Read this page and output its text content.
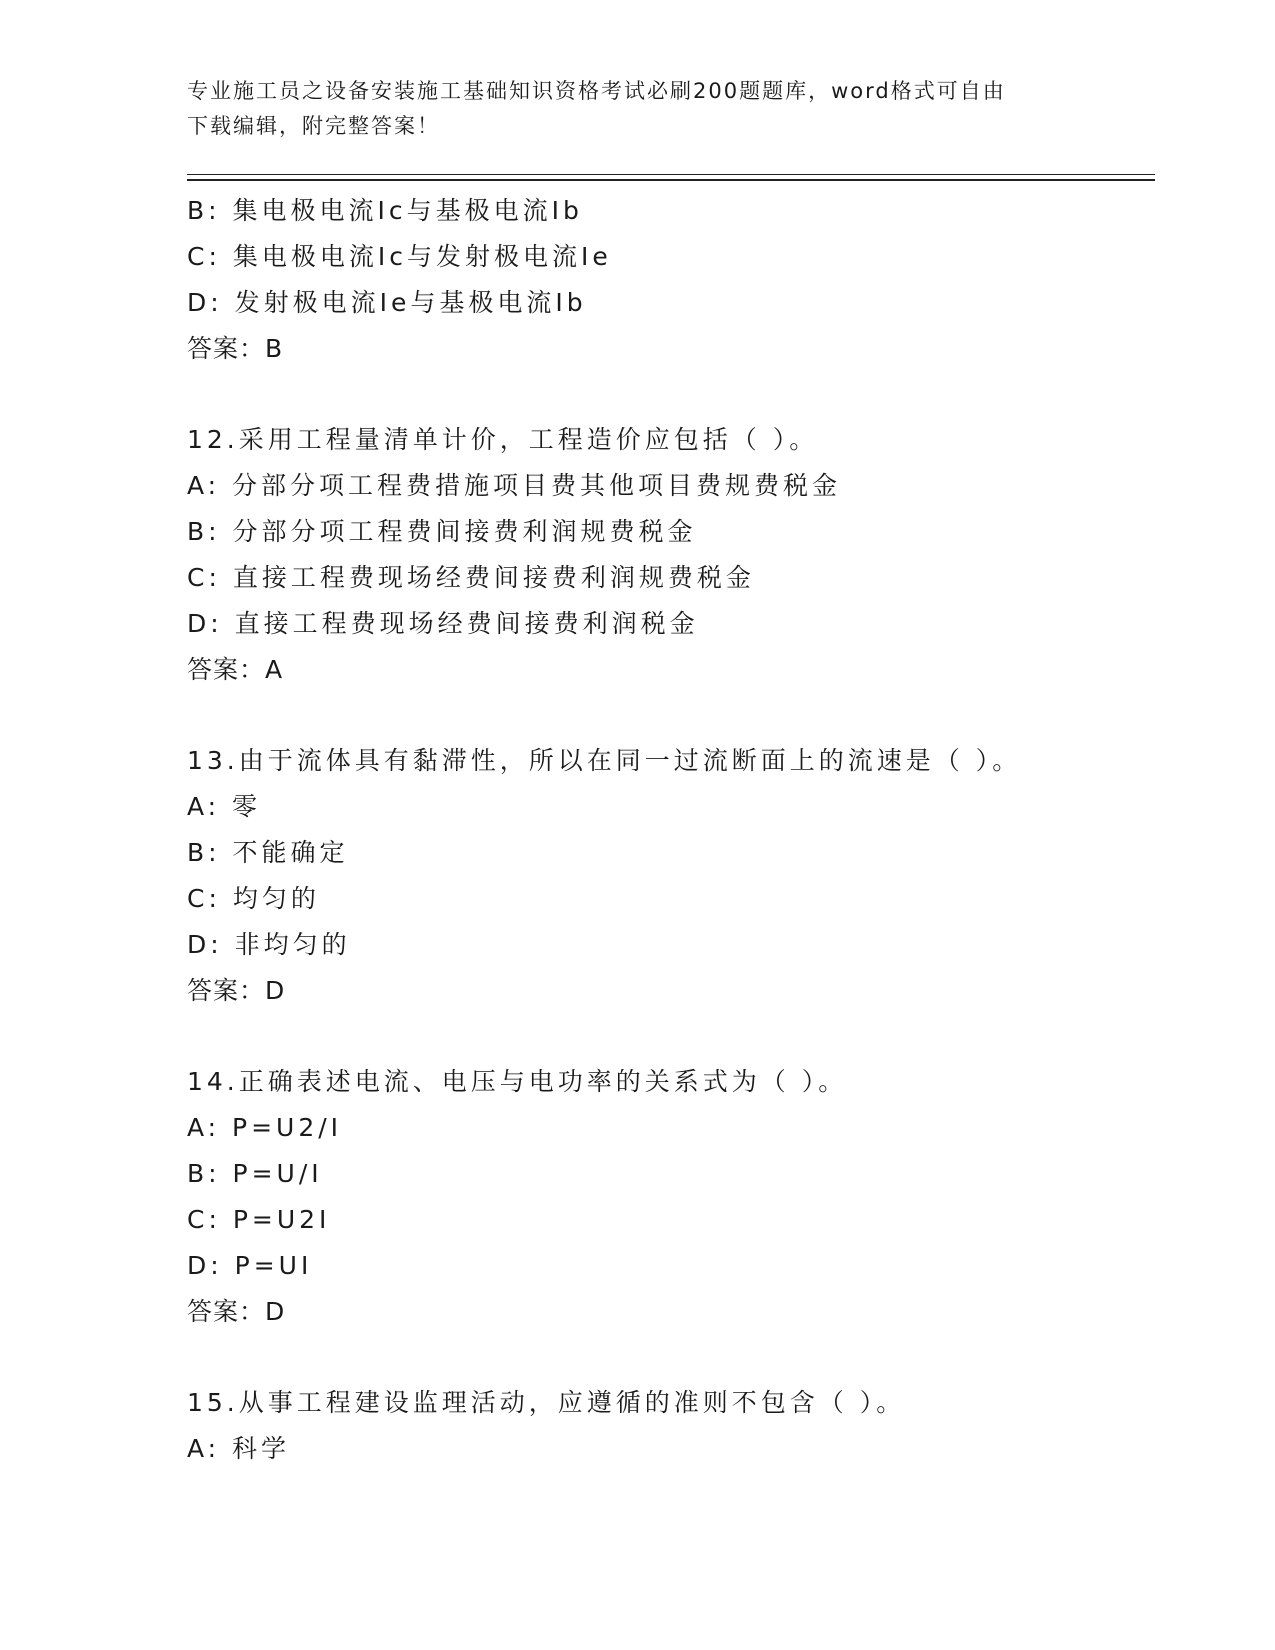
专业施工员之设备安装施工基础知识资格考试必刷200题题库，word格式可自由
下载编辑，附完整答案！
B: 集电极电流Ic与基极电流Ib
C: 集电极电流Ic与发射极电流Ie
D: 发射极电流Ie与基极电流Ib
答案：B
12.采用工程量清单计价，工程造价应包括（ ）。
A: 分部分项工程费措施项目费其他项目费规费税金
B: 分部分项工程费间接费利润规费税金
C: 直接工程费现场经费间接费利润规费税金
D: 直接工程费现场经费间接费利润税金
答案：A
13.由于流体具有黏滞性，所以在同一过流断面上的流速是（ ）。
A: 零
B: 不能确定
C: 均匀的
D: 非均匀的
答案：D
14.正确表述电流、电压与电功率的关系式为（ ）。
A: P=U2/I
B: P=U/I
C: P=U2I
D: P=UI
答案：D
15.从事工程建设监理活动，应遵循的准则不包含（ ）。
A: 科学
